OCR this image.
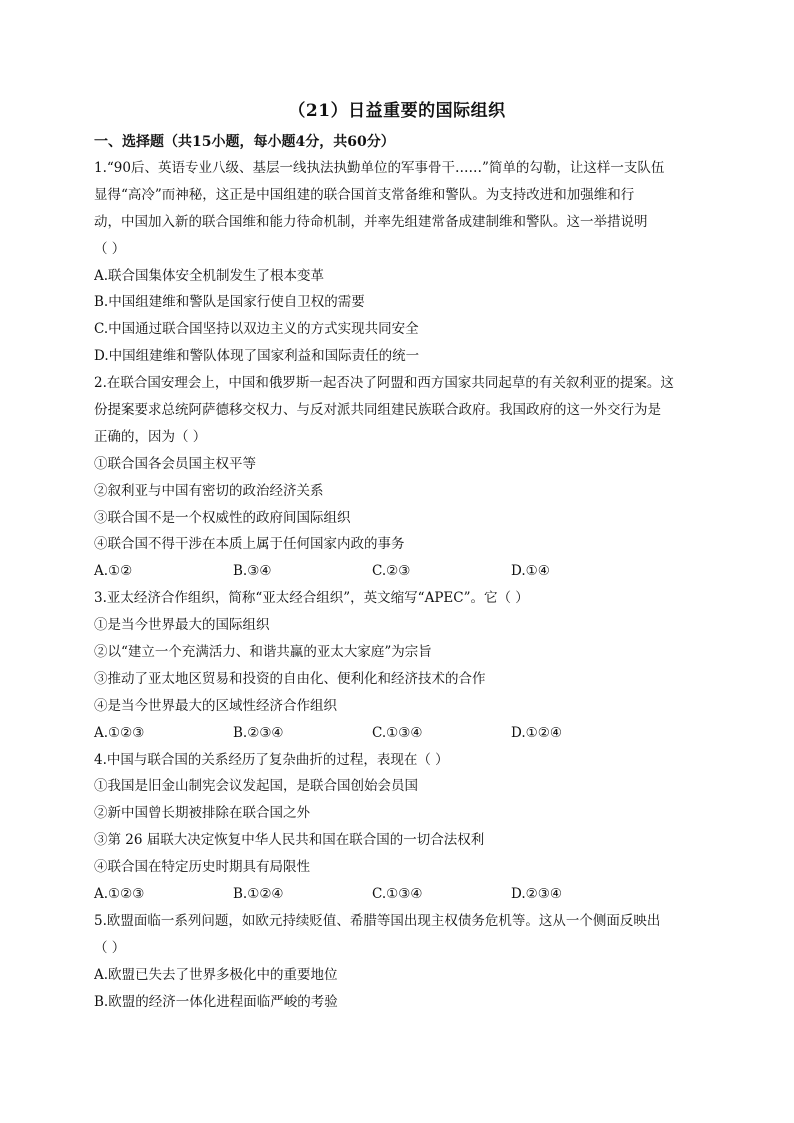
（21）日益重要的国际组织
一、选择题（共15小题，每小题4分，共60分）
1.“90后、英语专业八级、基层一线执法执勤单位的军事骨干……”简单的勾勒，让这样一支队伍
显得“高冷”而神秘，这正是中国组建的联合国首支常备维和警队。为支持改进和加强维和行
动，中国加入新的联合国维和能力待命机制，并率先组建常备成建制维和警队。这一举措说明
（ ）
A.联合国集体安全机制发生了根本变革
B.中国组建维和警队是国家行使自卫权的需要
C.中国通过联合国坚持以双边主义的方式实现共同安全
D.中国组建维和警队体现了国家利益和国际责任的统一
2.在联合国安理会上，中国和俄罗斯一起否决了阿盟和西方国家共同起草的有关叙利亚的提案。这
份提案要求总统阿萨德移交权力、与反对派共同组建民族联合政府。我国政府的这一外交行为是
正确的，因为（ ）
①联合国各会员国主权平等
②叙利亚与中国有密切的政治经济关系
③联合国不是一个权威性的政府间国际组织
④联合国不得干涉在本质上属于任何国家内政的事务
A.①②	B.③④	C.②③	D.①④
3.亚太经济合作组织，简称“亚太经合组织”，英文缩写“APEC”。它（ ）
①是当今世界最大的国际组织
②以“建立一个充满活力、和谐共赢的亚太大家庭”为宗旨
③推动了亚太地区贸易和投资的自由化、便利化和经济技术的合作
④是当今世界最大的区域性经济合作组织
A.①②③	B.②③④	C.①③④	D.①②④
4.中国与联合国的关系经历了复杂曲折的过程，表现在（ ）
①我国是旧金山制宪会议发起国，是联合国创始会员国
②新中国曾长期被排除在联合国之外
③第 26 届联大决定恢复中华人民共和国在联合国的一切合法权利
④联合国在特定历史时期具有局限性
A.①②③	B.①②④	C.①③④	D.②③④
5.欧盟面临一系列问题，如欧元持续贬值、希腊等国出现主权债务危机等。这从一个侧面反映出
（ ）
A.欧盟已失去了世界多极化中的重要地位
B.欧盟的经济一体化进程面临严峻的考验
